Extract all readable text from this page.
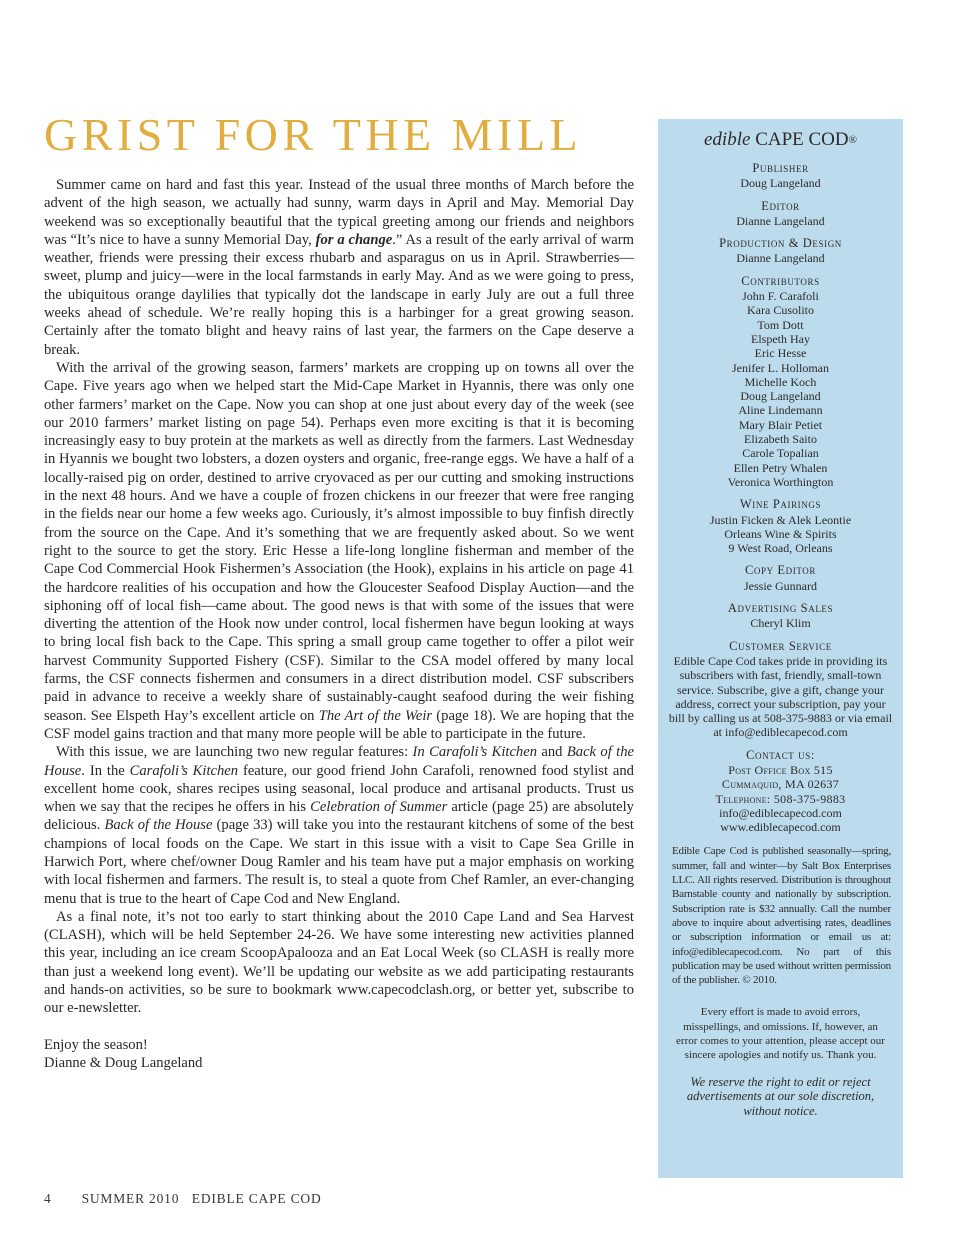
GRIST FOR THE MILL

Summer came on hard and fast this year. Instead of the usual three months of March before the advent of the high season, we actually had sunny, warm days in April and May. Memorial Day weekend was so exceptionally beautiful that the typical greeting among our friends and neighbors was “It’s nice to have a sunny Memorial Day, for a change.” As a result of the early arrival of warm weather, friends were pressing their excess rhubarb and asparagus on us in April. Strawberries—sweet, plump and juicy—were in the local farmstands in early May. And as we were going to press, the ubiquitous orange daylilies that typically dot the landscape in early July are out a full three weeks ahead of schedule. We’re really hoping this is a harbinger for a great growing season. Certainly after the tomato blight and heavy rains of last year, the farmers on the Cape deserve a break.

With the arrival of the growing season, farmers’ markets are cropping up on towns all over the Cape. Five years ago when we helped start the Mid-Cape Market in Hyannis, there was only one other farmers’ market on the Cape. Now you can shop at one just about every day of the week (see our 2010 farmers’ market listing on page 54). Perhaps even more exciting is that it is becoming increasingly easy to buy protein at the markets as well as directly from the farmers. Last Wednesday in Hyannis we bought two lobsters, a dozen oysters and organic, free-range eggs. We have a half of a locally-raised pig on order, destined to arrive cryovaced as per our cutting and smoking instructions in the next 48 hours. And we have a couple of frozen chickens in our freezer that were free ranging in the fields near our home a few weeks ago. Curiously, it’s almost impossible to buy finfish directly from the source on the Cape. And it’s something that we are frequently asked about. So we went right to the source to get the story. Eric Hesse a life-long longline fisherman and member of the Cape Cod Commercial Hook Fishermen’s Association (the Hook), explains in his article on page 41 the hardcore realities of his occupation and how the Gloucester Seafood Display Auction—and the siphoning off of local fish—came about. The good news is that with some of the issues that were diverting the attention of the Hook now under control, local fishermen have begun looking at ways to bring local fish back to the Cape. This spring a small group came together to offer a pilot weir harvest Community Supported Fishery (CSF). Similar to the CSA model offered by many local farms, the CSF connects fishermen and consumers in a direct distribution model. CSF subscribers paid in advance to receive a weekly share of sustainably-caught seafood during the weir fishing season. See Elspeth Hay’s excellent article on The Art of the Weir (page 18). We are hoping that the CSF model gains traction and that many more people will be able to participate in the future.

With this issue, we are launching two new regular features: In Carafoli’s Kitchen and Back of the House. In the Carafoli’s Kitchen feature, our good friend John Carafoli, renowned food stylist and excellent home cook, shares recipes using seasonal, local produce and artisanal products. Trust us when we say that the recipes he offers in his Celebration of Summer article (page 25) are absolutely delicious. Back of the House (page 33) will take you into the restaurant kitchens of some of the best champions of local foods on the Cape. We start in this issue with a visit to Cape Sea Grille in Harwich Port, where chef/owner Doug Ramler and his team have put a major emphasis on working with local fishermen and farmers. The result is, to steal a quote from Chef Ramler, an ever-changing menu that is true to the heart of Cape Cod and New England.

As a final note, it’s not too early to start thinking about the 2010 Cape Land and Sea Harvest (CLASH), which will be held September 24-26. We have some interesting new activities planned this year, including an ice cream ScoopApalooza and an Eat Local Week (so CLASH is really more than just a weekend long event). We’ll be updating our website as we add participating restaurants and hands-on activities, so be sure to bookmark www.capecodclash.org, or better yet, subscribe to our e-newsletter.

Enjoy the season!
Dianne & Doug Langeland
4 SUMMER 2010   EDIBLE CAPE COD
edible CAPE COD®
Publisher
Doug Langeland
Editor
Dianne Langeland
Production & Design
Dianne Langeland
Contributors
John F. Carafoli
Kara Cusolito
Tom Dott
Elspeth Hay
Eric Hesse
Jenifer L. Holloman
Michelle Koch
Doug Langeland
Aline Lindemann
Mary Blair Petiet
Elizabeth Saito
Carole Topalian
Ellen Petry Whalen
Veronica Worthington
Wine Pairings
Justin Ficken & Alek Leontie
Orleans Wine & Spirits
9 West Road, Orleans
Copy Editor
Jessie Gunnard
Advertising Sales
Cheryl Klim
Customer Service
Edible Cape Cod takes pride in providing its subscribers with fast, friendly, small-town service. Subscribe, give a gift, change your address, correct your subscription, pay your bill by calling us at 508-375-9883 or via email at info@ediblecapecod.com
Contact us:
Post Office Box 515
Cummaquid, MA 02637
Telephone: 508-375-9883
info@ediblecapecod.com
www.ediblecapecod.com
Edible Cape Cod is published seasonally—spring, summer, fall and winter—by Salt Box Enterprises LLC. All rights reserved. Distribution is throughout Barnstable county and nationally by subscription. Subscription rate is $32 annually. Call the number above to inquire about advertising rates, deadlines or subscription information or email us at: info@ediblecapecod.com. No part of this publication may be used without written permission of the publisher. © 2010.
Every effort is made to avoid errors, misspellings, and omissions. If, however, an error comes to your attention, please accept our sincere apologies and notify us. Thank you.
We reserve the right to edit or reject advertisements at our sole discretion, without notice.
